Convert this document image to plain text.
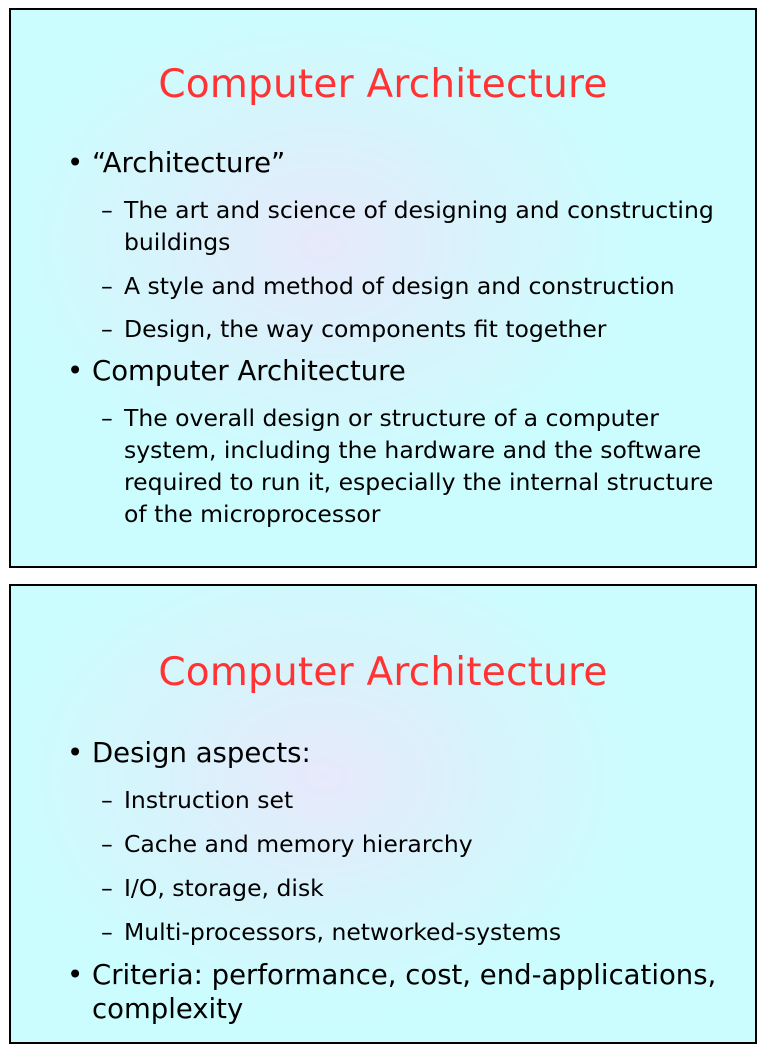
Computer Architecture
• “Architecture”
– The art and science of designing and constructing buildings
– A style and method of design and construction
– Design, the way components fit together
• Computer Architecture
– The overall design or structure of a computer system, including the hardware and the software required to run it, especially the internal structure of the microprocessor
Computer Architecture
• Design aspects:
– Instruction set
– Cache and memory hierarchy
– I/O, storage, disk
– Multi-processors, networked-systems
• Criteria: performance, cost, end-applications, complexity
